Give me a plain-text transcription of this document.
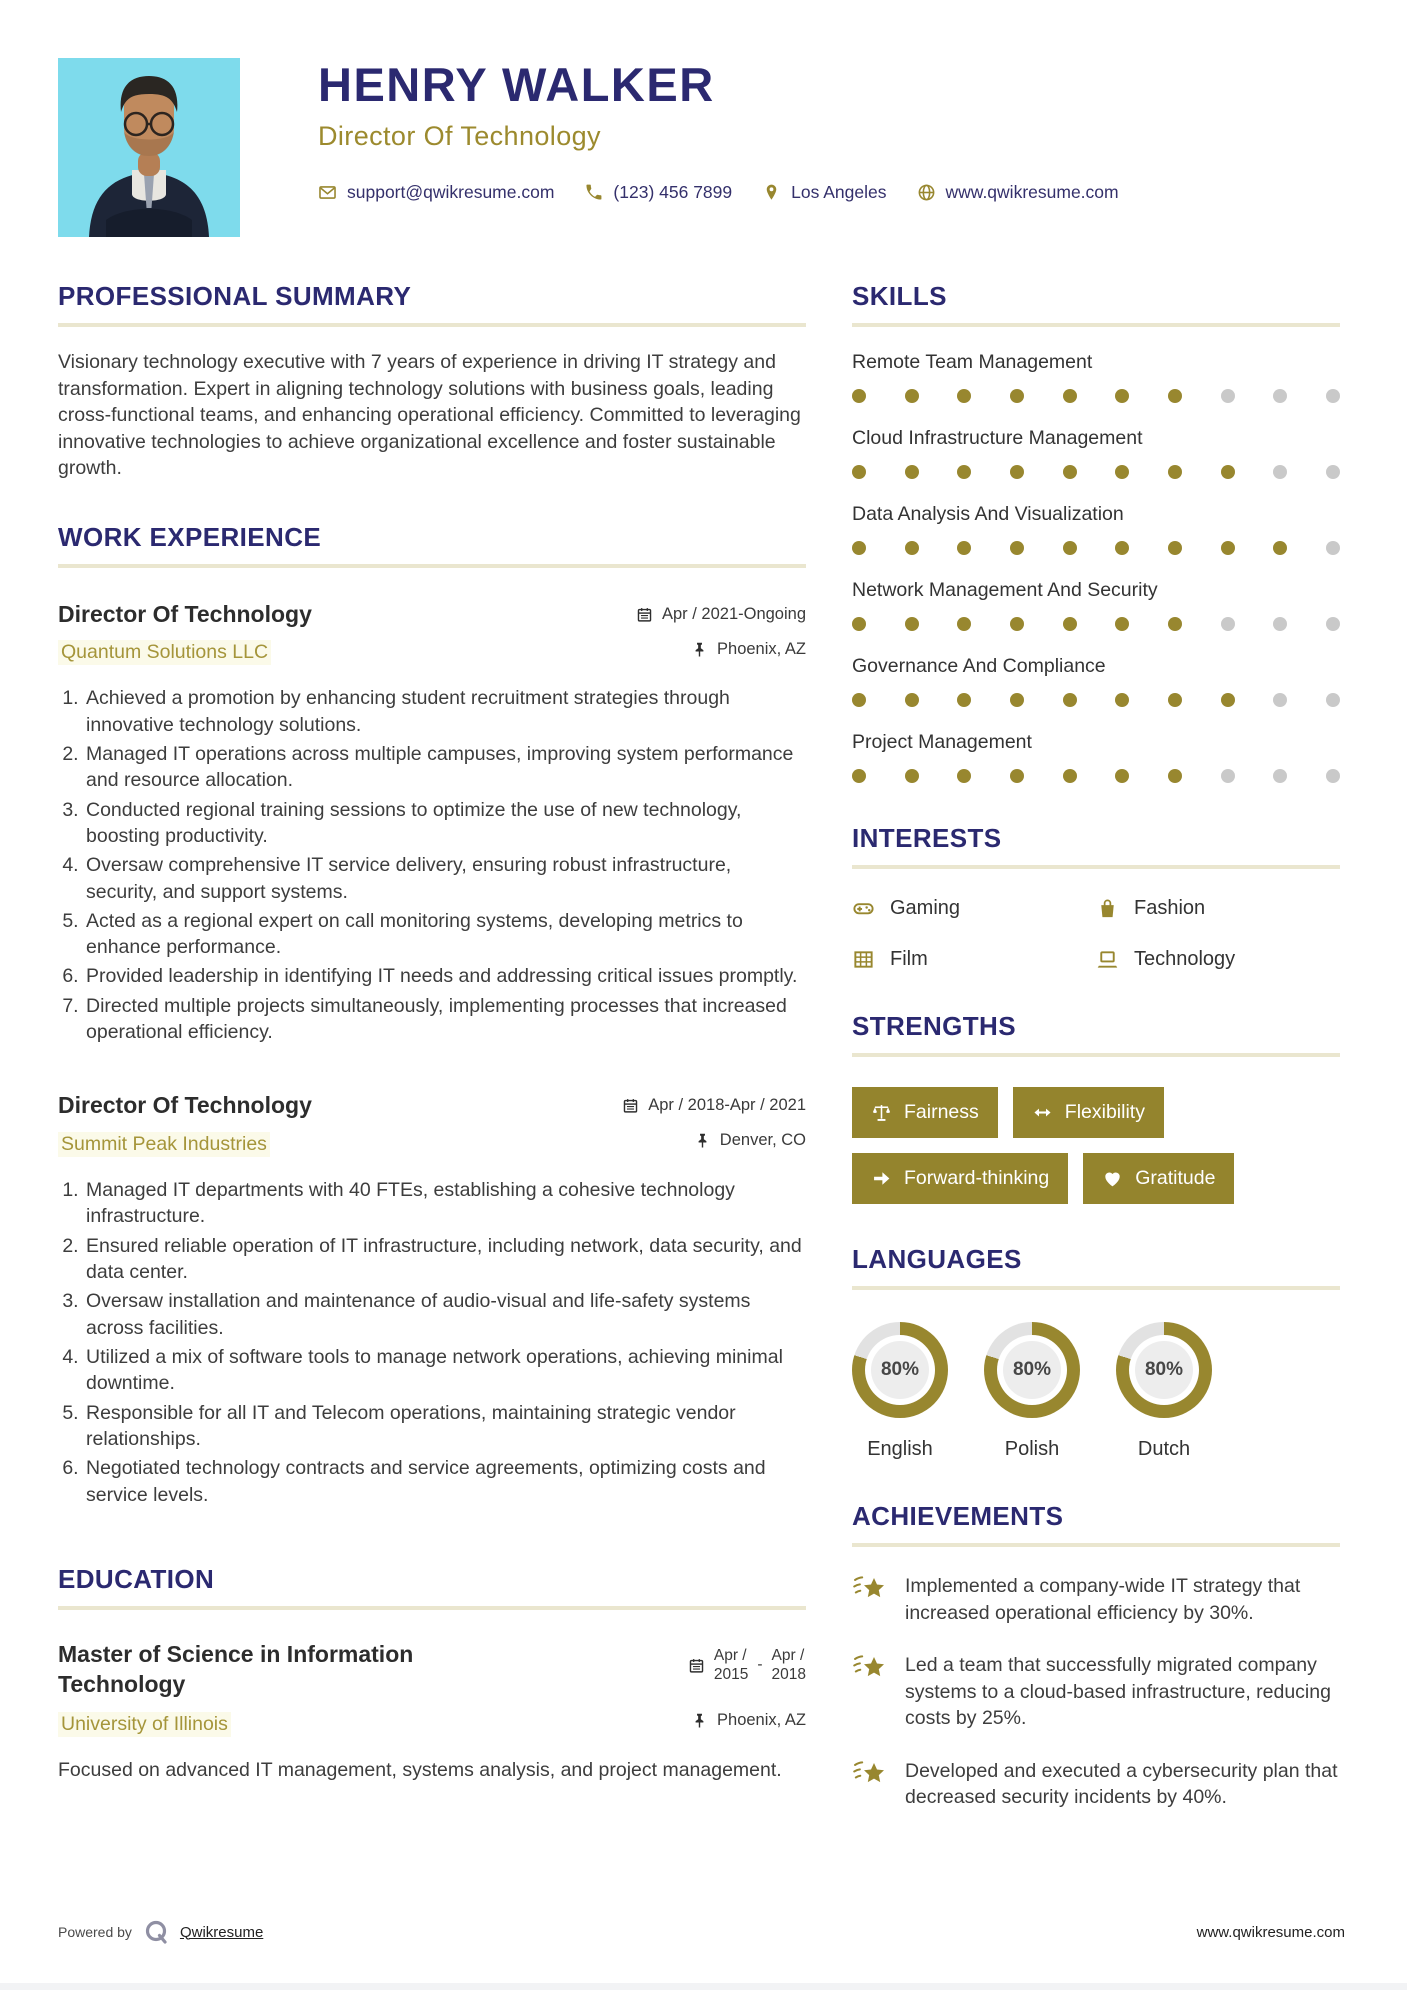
HENRY WALKER
Director Of Technology
support@qwikresume.com	(123) 456 7899	Los Angeles	www.qwikresume.com
PROFESSIONAL SUMMARY
Visionary technology executive with 7 years of experience in driving IT strategy and transformation. Expert in aligning technology solutions with business goals, leading cross-functional teams, and enhancing operational efficiency. Committed to leveraging innovative technologies to achieve organizational excellence and foster sustainable growth.
WORK EXPERIENCE
Director Of Technology
Quantum Solutions LLC
Apr / 2021-Ongoing
Phoenix, AZ
1. Achieved a promotion by enhancing student recruitment strategies through innovative technology solutions.
2. Managed IT operations across multiple campuses, improving system performance and resource allocation.
3. Conducted regional training sessions to optimize the use of new technology, boosting productivity.
4. Oversaw comprehensive IT service delivery, ensuring robust infrastructure, security, and support systems.
5. Acted as a regional expert on call monitoring systems, developing metrics to enhance performance.
6. Provided leadership in identifying IT needs and addressing critical issues promptly.
7. Directed multiple projects simultaneously, implementing processes that increased operational efficiency.
Director Of Technology
Summit Peak Industries
Apr / 2018-Apr / 2021
Denver, CO
1. Managed IT departments with 40 FTEs, establishing a cohesive technology infrastructure.
2. Ensured reliable operation of IT infrastructure, including network, data security, and data center.
3. Oversaw installation and maintenance of audio-visual and life-safety systems across facilities.
4. Utilized a mix of software tools to manage network operations, achieving minimal downtime.
5. Responsible for all IT and Telecom operations, maintaining strategic vendor relationships.
6. Negotiated technology contracts and service agreements, optimizing costs and service levels.
EDUCATION
Master of Science in Information Technology
University of Illinois
Apr /
2015
-
Apr /
2018
Phoenix, AZ
Focused on advanced IT management, systems analysis, and project management.
SKILLS
Remote Team Management
Cloud Infrastructure Management
Data Analysis And Visualization
Network Management And Security
Governance And Compliance
Project Management
INTERESTS
Gaming	Fashion
Film	Technology
STRENGTHS
Fairness	Flexibility
Forward-thinking	Gratitude
LANGUAGES
80%
English
80%
Polish
80%
Dutch
ACHIEVEMENTS
Implemented a company-wide IT strategy that increased operational efficiency by 30%.
Led a team that successfully migrated company systems to a cloud-based infrastructure, reducing costs by 25%.
Developed and executed a cybersecurity plan that decreased security incidents by 40%.
Powered by	Qwikresume	www.qwikresume.com
